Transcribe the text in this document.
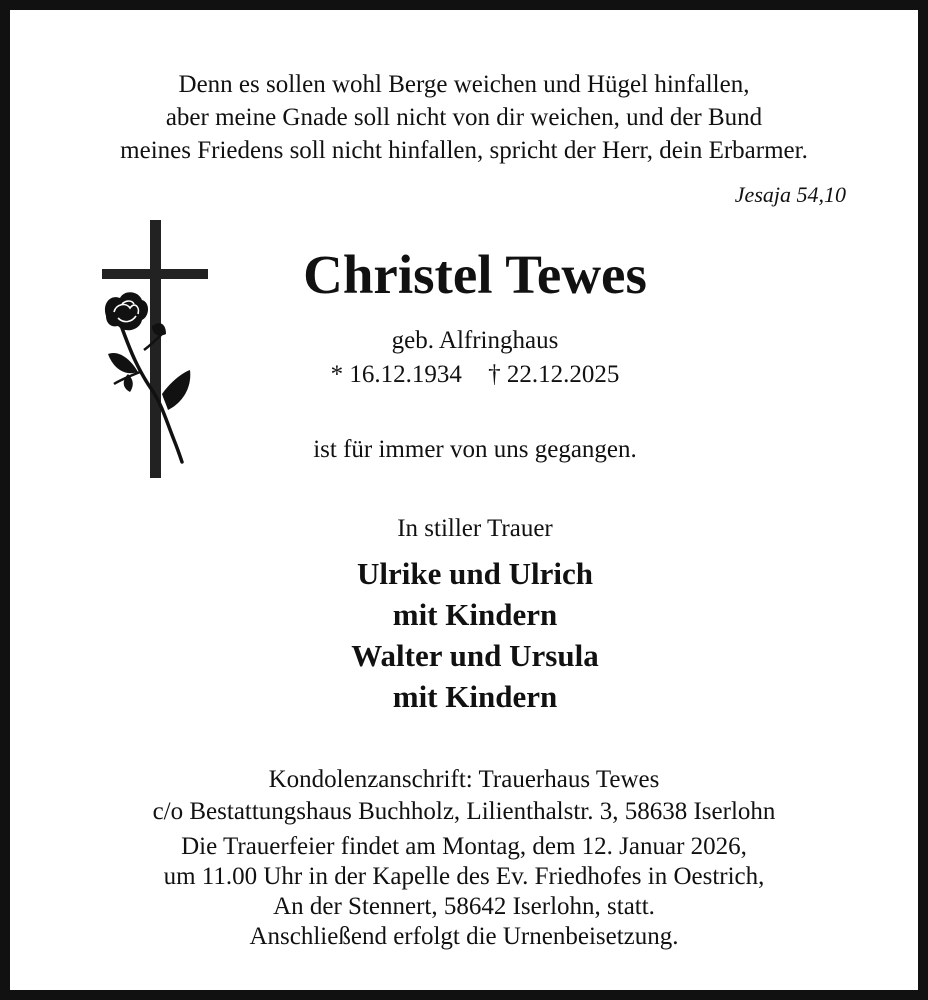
Denn es sollen wohl Berge weichen und Hügel hinfallen,
aber meine Gnade soll nicht von dir weichen, und der Bund
meines Friedens soll nicht hinfallen, spricht der Herr, dein Erbarmer.
Jesaja 54,10
Christel Tewes
geb. Alfringhaus
* 16.12.1934 † 22.12.2025
ist für immer von uns gegangen.
In stiller Trauer
Ulrike und Ulrich
mit Kindern
Walter und Ursula
mit Kindern
Kondolenzanschrift: Trauerhaus Tewes
c/o Bestattungshaus Buchholz, Lilienthalstr. 3, 58638 Iserlohn
Die Trauerfeier findet am Montag, dem 12. Januar 2026,
um 11.00 Uhr in der Kapelle des Ev. Friedhofes in Oestrich,
An der Stennert, 58642 Iserlohn, statt.
Anschließend erfolgt die Urnenbeisetzung.
